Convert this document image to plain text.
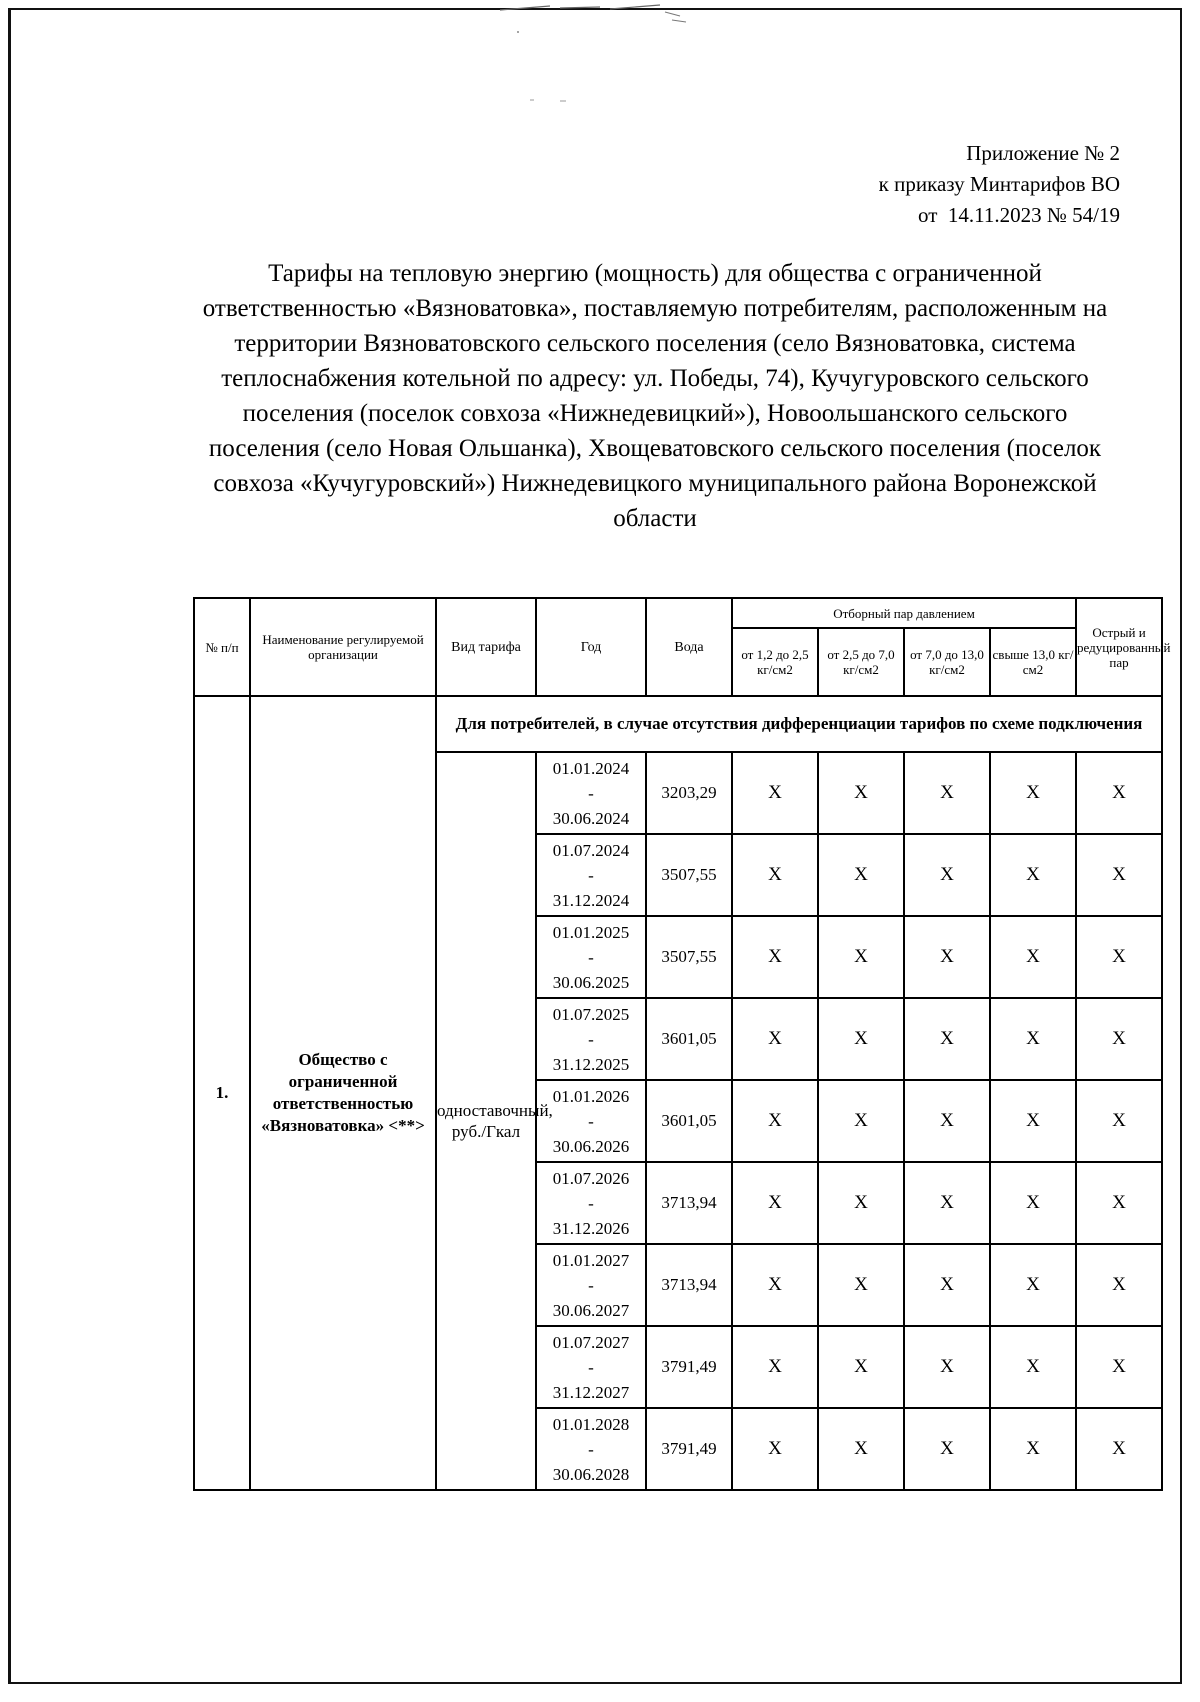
Приложение № 2
к приказу Минтарифов ВО
от  14.11.2023 № 54/19
Тарифы на тепловую энергию (мощность) для общества с ограниченной ответственностью «Вязноватовка», поставляемую потребителям, расположенным на территории Вязноватовского сельского поселения (село Вязноватовка, система теплоснабжения котельной по адресу: ул. Победы, 74), Кучугуровского сельского поселения (поселок совхоза «Нижнедевицкий»), Новоольшанского сельского поселения (село Новая Ольшанка), Хвощеватовского сельского поселения (поселок совхоза «Кучугуровский») Нижнедевицкого муниципального района Воронежской области
№ п/п	Наименование регулируемой организации	Вид тарифа	Год	Вода	Отборный пар давлением				Острый и редуцированный пар
					от 1,2 до 2,5 кг/см2	от 2,5 до 7,0 кг/см2	от 7,0 до 13,0 кг/см2	свыше 13,0 кг/см2	
1.	Общество с ограниченной ответственностью «Вязноватовка» <**>	Для потребителей, в случае отсутствия дифференциации тарифов по схеме подключения							
		одноставочный, руб./Гкал	01.01.2024
-
30.06.2024	3203,29	X	X	X	X	X

			01.07.2024
-
31.12.2024	3507,55	X	X	X	X	X

			01.01.2025
-
30.06.2025	3507,55	X	X	X	X	X

			01.07.2025
-
31.12.2025	3601,05	X	X	X	X	X

			01.01.2026
-
30.06.2026	3601,05	X	X	X	X	X

			01.07.2026
-
31.12.2026	3713,94	X	X	X	X	X

			01.01.2027
-
30.06.2027	3713,94	X	X	X	X	X

			01.07.2027
-
31.12.2027	3791,49	X	X	X	X	X

			01.01.2028
-
30.06.2028	3791,49	X	X	X	X	X
